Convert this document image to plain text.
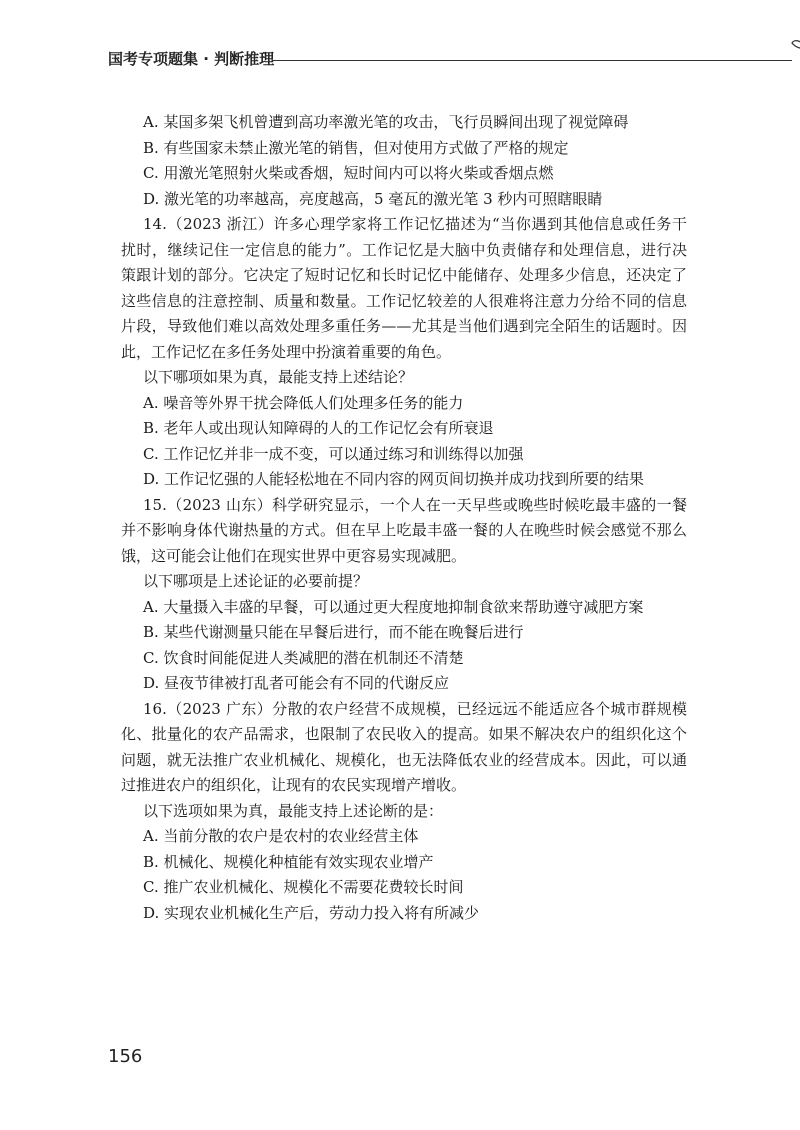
国考专项题集 · 判断推理
A. 某国多架飞机曾遭到高功率激光笔的攻击，飞行员瞬间出现了视觉障碍
B. 有些国家未禁止激光笔的销售，但对使用方式做了严格的规定
C. 用激光笔照射火柴或香烟，短时间内可以将火柴或香烟点燃
D. 激光笔的功率越高，亮度越高，5 毫瓦的激光笔 3 秒内可照瞎眼睛
14.（2023 浙江）许多心理学家将工作记忆描述为“当你遇到其他信息或任务干
扰时，继续记住一定信息的能力”。工作记忆是大脑中负责储存和处理信息，进行决
策跟计划的部分。它决定了短时记忆和长时记忆中能储存、处理多少信息，还决定了
这些信息的注意控制、质量和数量。工作记忆较差的人很难将注意力分给不同的信息
片段，导致他们难以高效处理多重任务——尤其是当他们遇到完全陌生的话题时。因
此，工作记忆在多任务处理中扮演着重要的角色。
以下哪项如果为真，最能支持上述结论？
A. 噪音等外界干扰会降低人们处理多任务的能力
B. 老年人或出现认知障碍的人的工作记忆会有所衰退
C. 工作记忆并非一成不变，可以通过练习和训练得以加强
D. 工作记忆强的人能轻松地在不同内容的网页间切换并成功找到所要的结果
15.（2023 山东）科学研究显示，一个人在一天早些或晚些时候吃最丰盛的一餐
并不影响身体代谢热量的方式。但在早上吃最丰盛一餐的人在晚些时候会感觉不那么
饿，这可能会让他们在现实世界中更容易实现减肥。
以下哪项是上述论证的必要前提？
A. 大量摄入丰盛的早餐，可以通过更大程度地抑制食欲来帮助遵守减肥方案
B. 某些代谢测量只能在早餐后进行，而不能在晚餐后进行
C. 饮食时间能促进人类减肥的潜在机制还不清楚
D. 昼夜节律被打乱者可能会有不同的代谢反应
16.（2023 广东）分散的农户经营不成规模，已经远远不能适应各个城市群规模
化、批量化的农产品需求，也限制了农民收入的提高。如果不解决农户的组织化这个
问题，就无法推广农业机械化、规模化，也无法降低农业的经营成本。因此，可以通
过推进农户的组织化，让现有的农民实现增产增收。
以下选项如果为真，最能支持上述论断的是：
A. 当前分散的农户是农村的农业经营主体
B. 机械化、规模化种植能有效实现农业增产
C. 推广农业机械化、规模化不需要花费较长时间
D. 实现农业机械化生产后，劳动力投入将有所减少
156
